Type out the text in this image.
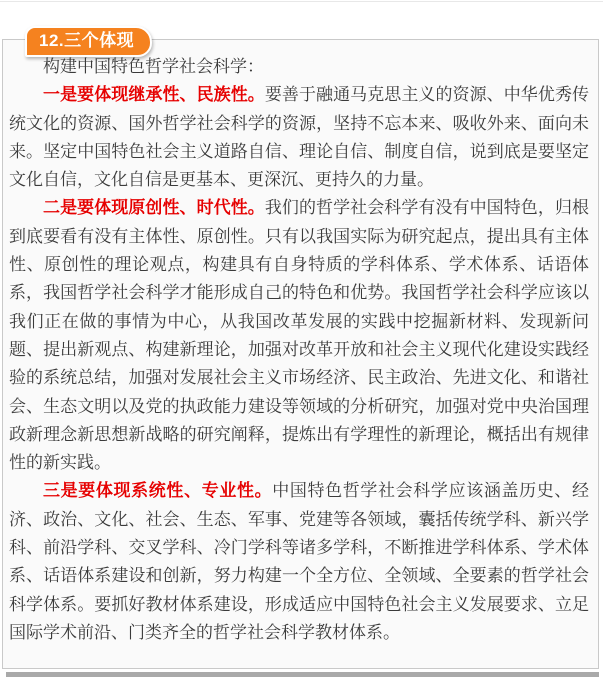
12.三个体现

构建中国特色哲学社会科学：

一是要体现继承性、民族性。要善于融通马克思主义的资源、中华优秀传统文化的资源、国外哲学社会科学的资源，坚持不忘本来、吸收外来、面向未来。坚定中国特色社会主义道路自信、理论自信、制度自信，说到底是要坚定文化自信，文化自信是更基本、更深沉、更持久的力量。

二是要体现原创性、时代性。我们的哲学社会科学有没有中国特色，归根到底要看有没有主体性、原创性。只有以我国实际为研究起点，提出具有主体性、原创性的理论观点，构建具有自身特质的学科体系、学术体系、话语体系，我国哲学社会科学才能形成自己的特色和优势。我国哲学社会科学应该以我们正在做的事情为中心，从我国改革发展的实践中挖掘新材料、发现新问题、提出新观点、构建新理论，加强对改革开放和社会主义现代化建设实践经验的系统总结，加强对发展社会主义市场经济、民主政治、先进文化、和谐社会、生态文明以及党的执政能力建设等领域的分析研究，加强对党中央治国理政新理念新思想新战略的研究阐释，提炼出有学理性的新理论，概括出有规律性的新实践。

三是要体现系统性、专业性。中国特色哲学社会科学应该涵盖历史、经济、政治、文化、社会、生态、军事、党建等各领域，囊括传统学科、新兴学科、前沿学科、交叉学科、冷门学科等诸多学科，不断推进学科体系、学术体系、话语体系建设和创新，努力构建一个全方位、全领域、全要素的哲学社会科学体系。要抓好教材体系建设，形成适应中国特色社会主义发展要求、立足国际学术前沿、门类齐全的哲学社会科学教材体系。
